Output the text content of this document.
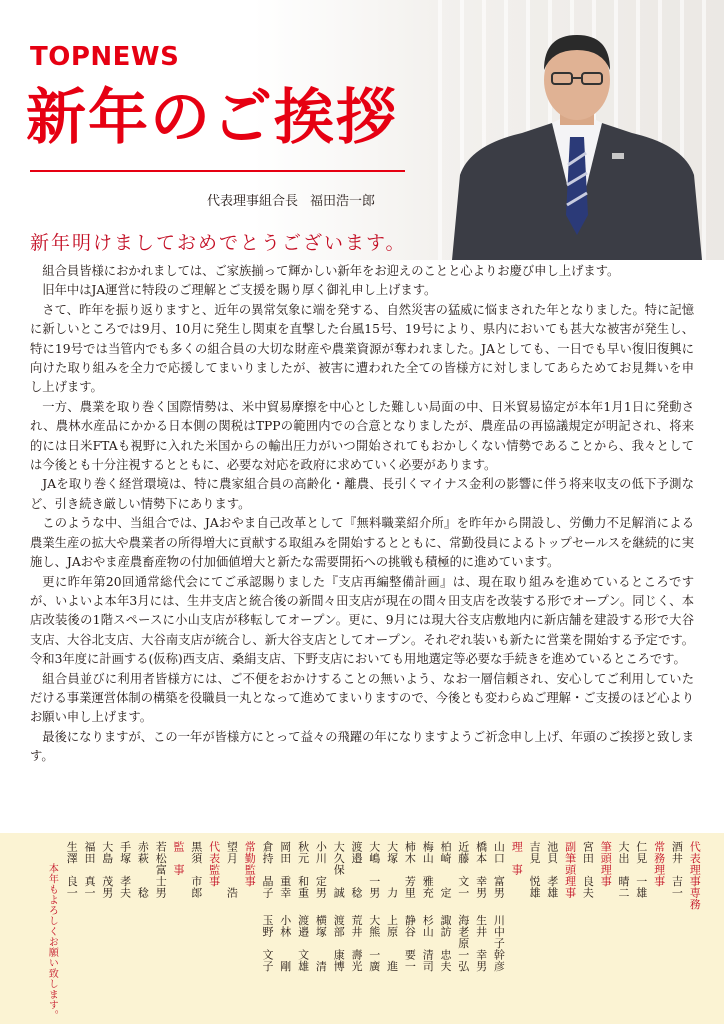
TOPNEWS
新年のご挨拶
代表理事組合長 福田浩一郎
新年明けましておめでとうございます。

組合員皆様におかれましては、ご家族揃って輝かしい新年をお迎えのことと心よりお慶び申し上げます。

旧年中はJA運営に特段のご理解とご支援を賜り厚く御礼申し上げます。

さて、昨年を振り返りますと、近年の異常気象に端を発する、自然災害の猛威に悩まされた年となりました。特に記憶に新しいところでは9月、10月に発生し関東を直撃した台風15号、19号により、県内においても甚大な被害が発生し、特に19号では当管内でも多くの組合員の大切な財産や農業資源が奪われました。JAとしても、一日でも早い復旧復興に向けた取り組みを全力で応援してまいりましたが、被害に遭われた全ての皆様方に対しましてあらためてお見舞いを申し上げます。

一方、農業を取り巻く国際情勢は、米中貿易摩擦を中心とした難しい局面の中、日米貿易協定が本年1月1日に発動され、農林水産品にかかる日本側の関税はTPPの範囲内での合意となりましたが、農産品の再協議規定が明記され、将来的には日米FTAも視野に入れた米国からの輸出圧力がいつ開始されてもおかしくない情勢であることから、我々としては今後とも十分注視するとともに、必要な対応を政府に求めていく必要があります。

JAを取り巻く経営環境は、特に農家組合員の高齢化・離農、長引くマイナス金利の影響に伴う将来収支の低下予測など、引き続き厳しい情勢下にあります。

このような中、当組合では、JAおやま自己改革として『無料職業紹介所』を昨年から開設し、労働力不足解消による農業生産の拡大や農業者の所得増大に貢献する取組みを開始するとともに、常勤役員によるトップセールスを継続的に実施し、JAおやま産農畜産物の付加価値増大と新たな需要開拓への挑戦も積極的に進めています。

更に昨年第20回通常総代会にてご承認賜りました『支店再編整備計画』は、現在取り組みを進めているところですが、いよいよ本年3月には、生井支店と統合後の新間々田支店が現在の間々田支店を改装する形でオープン。同じく、本店改装後の1階スペースに小山支店が移転してオープン。更に、9月には現大谷支店敷地内に新店舗を建設する形で大谷支店、大谷北支店、大谷南支店が統合し、新大谷支店としてオープン。それぞれ装いも新たに営業を開始する予定です。令和3年度に計画する(仮称)西支店、桑絹支店、下野支店においても用地選定等必要な手続きを進めているところです。

組合員並びに利用者皆様方には、ご不便をおかけすることの無いよう、なお一層信頼され、安心してご利用していただける事業運営体制の構築を役職員一丸となって進めてまいりますので、今後とも変わらぬご理解・ご支援のほど心よりお願い申し上げます。

最後になりますが、この一年が皆様方にとって益々の飛躍の年になりますようご祈念申し上げ、年頭のご挨拶と致します。

代表理事専務
酒井　吉一
常務理事
仁見　一雄
大出　晴二
筆頭理事
宮田　良夫
副筆頭理事
池貝　孝雄
吉見　悦雄
理　事
山口　富男川中子幹彦
橋本　幸男生井　幸男
近藤　文一海老原一弘
柏崎　　定諏訪　忠夫
梅山　雅充杉山　清司
柿木　芳里静谷　要一
大塚　　力上原　　進
大嶋　一男大熊　一廣
渡邉　　稔荒井　壽光
大久保　誠渡部　康博
小川　定男横塚　　清
秋元　和重渡邉　文雄
岡田　重幸小林　　剛
倉持　晶子玉野　文子
常勤監事
望月　　浩
代表監事
黒須　市郎
監　事
若松富士男
赤萩　　稔
手塚　孝夫
大島　茂男
福田　真一
生澤　良一
本年もよろしくお願い致します。
